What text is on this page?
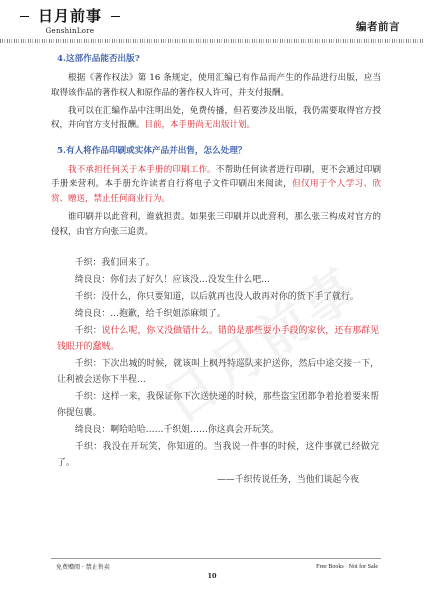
日月前事
GenshinLore	编者前言
4.这部作品能否出版?

根据《著作权法》第 16 条规定，使用汇编已有作品而产生的作品进行出版，应当取得该作品的著作权人和原作品的著作权人许可，并支付报酬。

我可以在汇编作品中注明出处，免费传播，但若要涉及出版，我仍需要取得官方授权，并向官方支付报酬。目前，本手册尚无出版计划。

5.有人将作品印刷或实体产品并出售，怎么处理？

我不承担任何关于本手册的印刷工作。不帮助任何读者进行印刷，更不会通过印刷手册来营利。本手册允许读者自行将电子文件印刷出来阅读，但仅用于个人学习、欣赏、赠送，禁止任何商业行为。

谁印刷并以此营利，谁就担责。如果张三印刷并以此营利，那么张三构成对官方的侵权，由官方向张三追责。

千织：我们回来了。
绮良良：你们去了好久！应该没…没发生什么吧…
千织：没什么，你只要知道，以后就再也没人敢再对你的货下手了就行。
绮良良：…抱歉，给千织姐添麻烦了。
千织：说什么呢，你又没做错什么。错的是那些耍小手段的家伙，还有那群见钱眼开的蠢贼。
千织：下次出城的时候，就该叫上枫丹特巡队来护送你，然后中途交接一下，让利被会送你下半程…
千织：这样一来，我保证你下次送快递的时候，那些盗宝团都争着抢着要来帮你提包裹。
绮良良：啊哈哈哈……千织姐……你这真会开玩笑。
千织：我没在开玩笑，你知道的。当我说一件事的时候，这件事就已经做完了。
——千织传说任务，当他们谈起今夜
免费赠阅 · 禁止售卖
10
Free Books · Not for Sale
